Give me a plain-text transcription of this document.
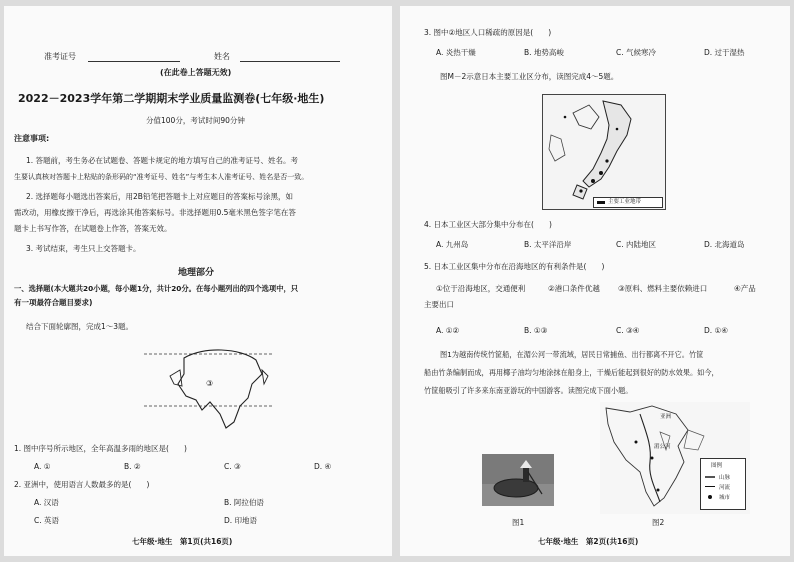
准考证号	姓名
(在此卷上答题无效)
2022－2023学年第二学期期末学业质量监测卷(七年级·地生)
分值100分，考试时间90分钟
注意事项:
1. 答题前，考生务必在试题卷、答题卡规定的地方填写自己的准考证号、姓名。考
生要认真核对答题卡上粘贴的条形码的“准考证号、姓名”与考生本人准考证号、姓名是否一致。
2. 选择题每小题选出答案后，用2B铅笔把答题卡上对应题目的答案标号涂黑，如
需改动，用橡皮擦干净后，再选涂其他答案标号。非选择题用0.5毫米黑色签字笔在答
题卡上书写作答，在试题卷上作答，答案无效。
3. 考试结束，考生只上交答题卡。
地理部分
一、选择题(本大题共20小题，每小题1分，共计20分。在每小题列出的四个选项中，只
有一项最符合题目要求)
结合下面轮廓图，完成1～3题。
③
1. 图中序号所示地区，全年高温多雨的地区是(　　)
A. ①	B. ②	C. ③	D. ④
2. 亚洲中，使用语言人数最多的是(　　)
A. 汉语	B. 阿拉伯语
C. 英语	D. 印地语
七年级·地生　第1页(共16页)
3. 图中②地区人口稀疏的原因是(　　)
A. 炎热干燥	B. 地势高峻	C. 气候寒冷	D. 过于湿热
图M－2示意日本主要工业区分布，读图完成4～5题。
主要工业地带
4. 日本工业区大部分集中分布在(　　)
A. 九州岛	B. 太平洋沿岸	C. 内陆地区	D. 北海道岛
5. 日本工业区集中分布在沿海地区的有利条件是(　　)
①位于沿海地区，交通便利	②港口条件优越 ③原料、燃料主要依赖进口	④产品
主要出口
A. ①②	B. ①③	C. ③④	D. ①④
图1为越南传统竹筐船，在湄公河一带流域，居民日常捕鱼、出行都离不开它。竹筐
船由竹条编制而成，再用椰子油均匀地涂抹在船身上，干燥后能起到很好的防水效果。如今，
竹筐船吸引了许多来东南亚游玩的中国游客。读图完成下面小题。
图1
亚洲
湄公河
图例
山脉
河流
城市
图2
七年级·地生　第2页(共16页)
